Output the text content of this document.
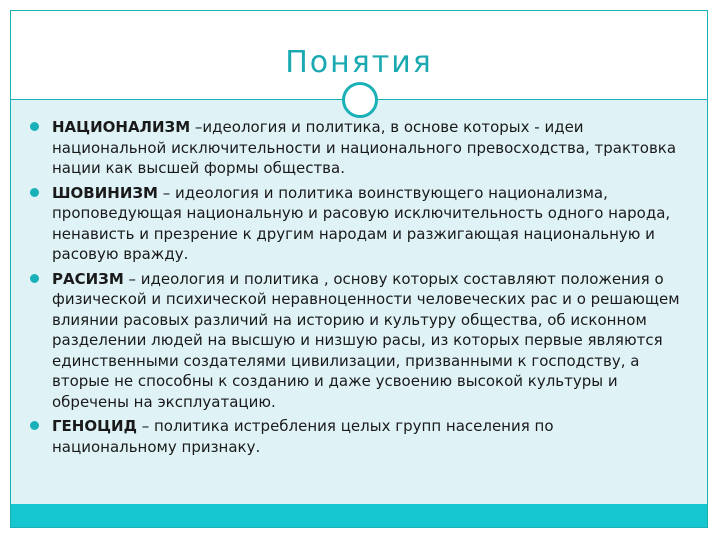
Понятия
НАЦИОНАЛИЗМ –идеология и политика, в основе которых - идеи национальной исключительности и национального превосходства, трактовка нации как высшей формы общества.
ШОВИНИЗМ – идеология и политика воинствующего национализма, проповедующая национальную и расовую исключительность одного народа, ненависть и презрение к другим народам и разжигающая национальную и расовую вражду.
РАСИЗМ – идеология и политика , основу которых составляют положения о физической и психической неравноценности человеческих рас и о решающем влиянии расовых различий на историю и культуру общества, об исконном разделении людей на высшую и низшую расы, из которых первые являются единственными создателями цивилизации, призванными к господству, а вторые не способны к созданию и даже усвоению высокой культуры и обречены на эксплуатацию.
ГЕНОЦИД – политика истребления целых групп населения по национальному признаку.
